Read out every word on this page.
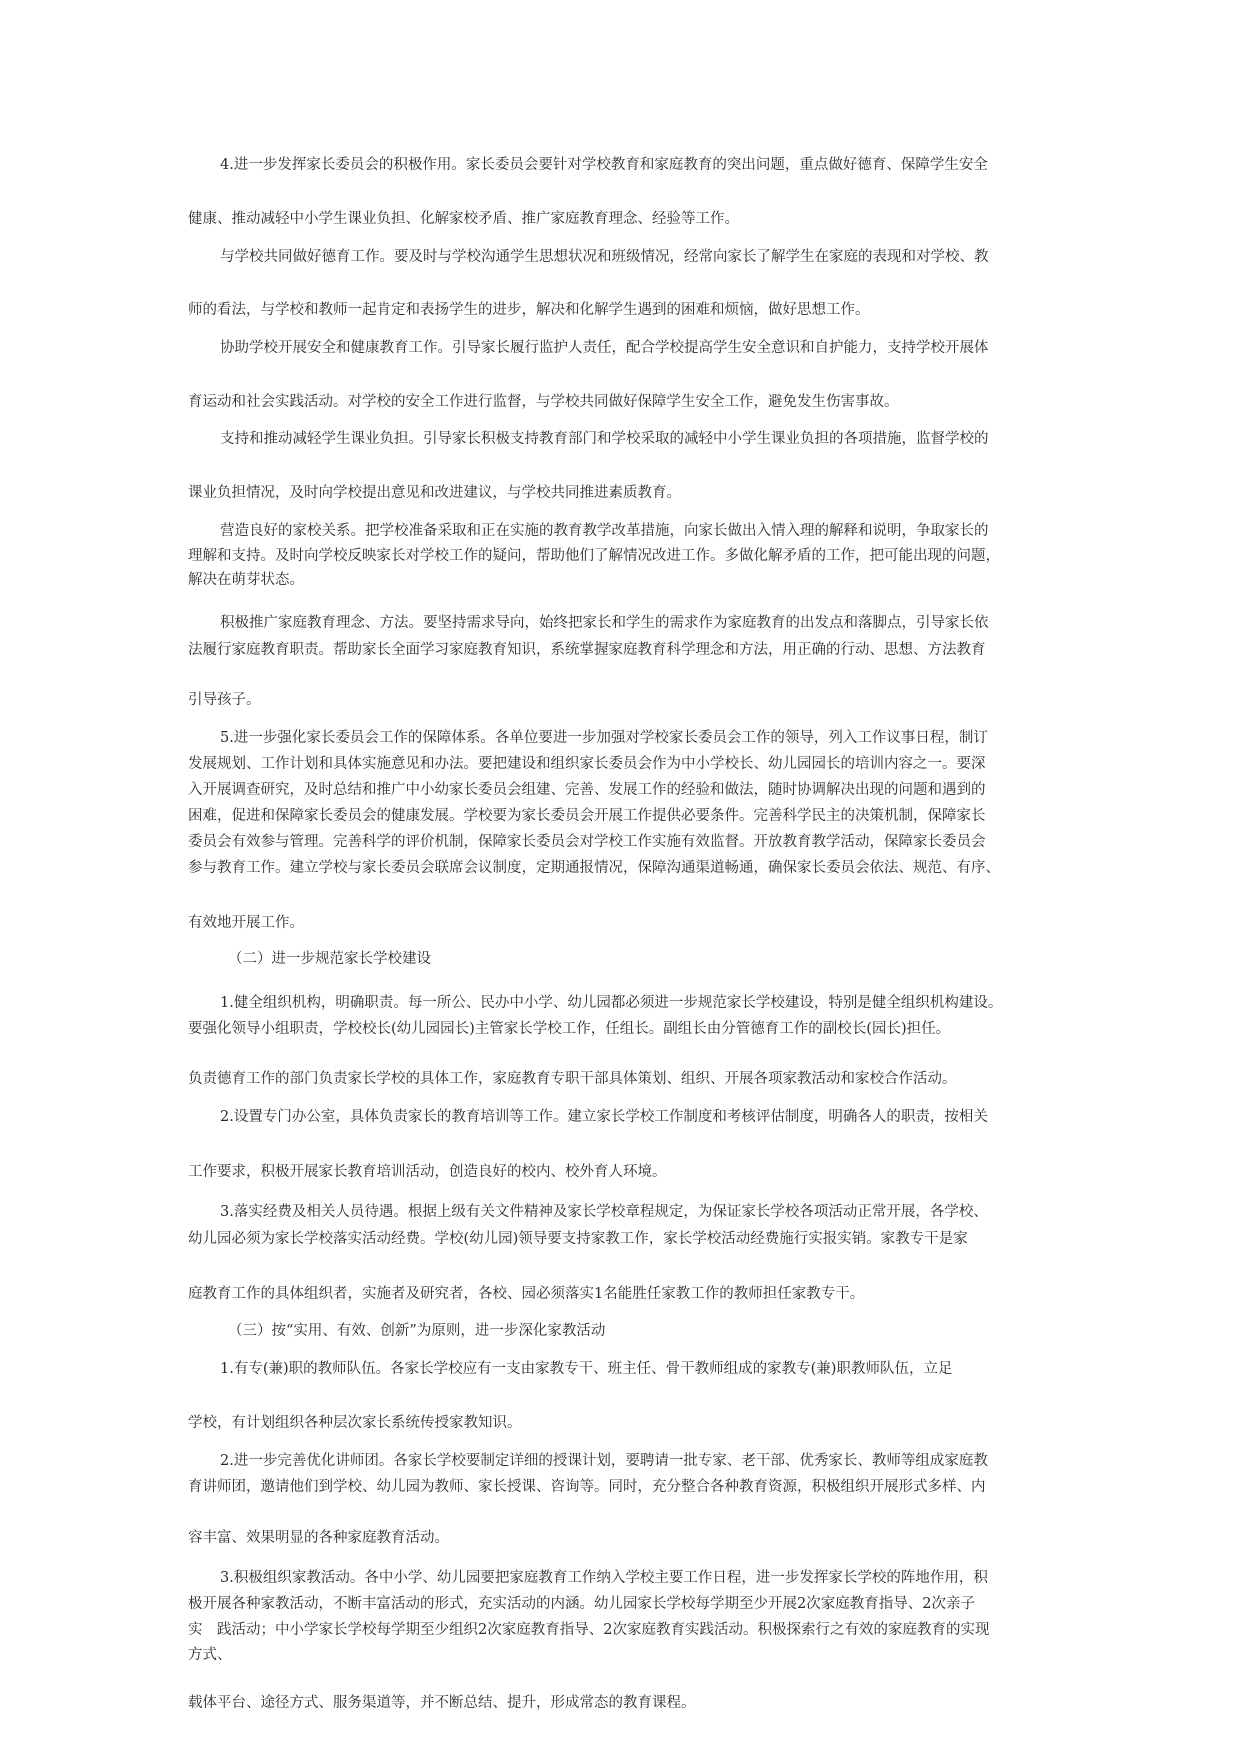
4.进一步发挥家长委员会的积极作用。家长委员会要针对学校教育和家庭教育的突出问题，重点做好德育、保障学生安全
健康、推动减轻中小学生课业负担、化解家校矛盾、推广家庭教育理念、经验等工作。
与学校共同做好德育工作。要及时与学校沟通学生思想状况和班级情况，经常向家长了解学生在家庭的表现和对学校、教
师的看法，与学校和教师一起肯定和表扬学生的进步，解决和化解学生遇到的困难和烦恼，做好思想工作。
协助学校开展安全和健康教育工作。引导家长履行监护人责任，配合学校提高学生安全意识和自护能力，支持学校开展体
育运动和社会实践活动。对学校的安全工作进行监督，与学校共同做好保障学生安全工作，避免发生伤害事故。
支持和推动减轻学生课业负担。引导家长积极支持教育部门和学校采取的减轻中小学生课业负担的各项措施，监督学校的
课业负担情况，及时向学校提出意见和改进建议，与学校共同推进素质教育。
营造良好的家校关系。把学校准备采取和正在实施的教育教学改革措施，向家长做出入情入理的解释和说明，争取家长的
理解和支持。及时向学校反映家长对学校工作的疑问，帮助他们了解情况改进工作。多做化解矛盾的工作，把可能出现的问题，
解决在萌芽状态。
积极推广家庭教育理念、方法。要坚持需求导向，始终把家长和学生的需求作为家庭教育的出发点和落脚点，引导家长依
法履行家庭教育职责。帮助家长全面学习家庭教育知识，系统掌握家庭教育科学理念和方法，用正确的行动、思想、方法教育
引导孩子。
5.进一步强化家长委员会工作的保障体系。各单位要进一步加强对学校家长委员会工作的领导，列入工作议事日程，制订
发展规划、工作计划和具体实施意见和办法。要把建设和组织家长委员会作为中小学校长、幼儿园园长的培训内容之一。要深
入开展调查研究，及时总结和推广中小幼家长委员会组建、完善、发展工作的经验和做法，随时协调解决出现的问题和遇到的
困难，促进和保障家长委员会的健康发展。学校要为家长委员会开展工作提供必要条件。完善科学民主的决策机制，保障家长
委员会有效参与管理。完善科学的评价机制，保障家长委员会对学校工作实施有效监督。开放教育教学活动，保障家长委员会
参与教育工作。建立学校与家长委员会联席会议制度，定期通报情况，保障沟通渠道畅通，确保家长委员会依法、规范、有序、
有效地开展工作。
（二）进一步规范家长学校建设
1.健全组织机构，明确职责。每一所公、民办中小学、幼儿园都必须进一步规范家长学校建设，特别是健全组织机构建设。
要强化领导小组职责，学校校长(幼儿园园长)主管家长学校工作，任组长。副组长由分管德育工作的副校长(园长)担任。
负责德育工作的部门负责家长学校的具体工作，家庭教育专职干部具体策划、组织、开展各项家教活动和家校合作活动。
2.设置专门办公室，具体负责家长的教育培训等工作。建立家长学校工作制度和考核评估制度，明确各人的职责，按相关
工作要求，积极开展家长教育培训活动，创造良好的校内、校外育人环境。
3.落实经费及相关人员待遇。根据上级有关文件精神及家长学校章程规定，为保证家长学校各项活动正常开展，各学校、
幼儿园必须为家长学校落实活动经费。学校(幼儿园)领导要支持家教工作，家长学校活动经费施行实报实销。家教专干是家
庭教育工作的具体组织者，实施者及研究者，各校、园必须落实1名能胜任家教工作的教师担任家教专干。
（三）按“实用、有效、创新”为原则，进一步深化家教活动
1.有专(兼)职的教师队伍。各家长学校应有一支由家教专干、班主任、骨干教师组成的家教专(兼)职教师队伍，立足
学校，有计划组织各种层次家长系统传授家教知识。
2.进一步完善优化讲师团。各家长学校要制定详细的授课计划，要聘请一批专家、老干部、优秀家长、教师等组成家庭教
育讲师团，邀请他们到学校、幼儿园为教师、家长授课、咨询等。同时，充分整合各种教育资源，积极组织开展形式多样、内
容丰富、效果明显的各种家庭教育活动。
3.积极组织家教活动。各中小学、幼儿园要把家庭教育工作纳入学校主要工作日程，进一步发挥家长学校的阵地作用，积
极开展各种家教活动，不断丰富活动的形式，充实活动的内涵。幼儿园家长学校每学期至少开展2次家庭教育指导、2次亲子
实　践活动；中小学家长学校每学期至少组织2次家庭教育指导、2次家庭教育实践活动。积极探索行之有效的家庭教育的实现
方式、
载体平台、途径方式、服务渠道等，并不断总结、提升，形成常态的教育课程。
